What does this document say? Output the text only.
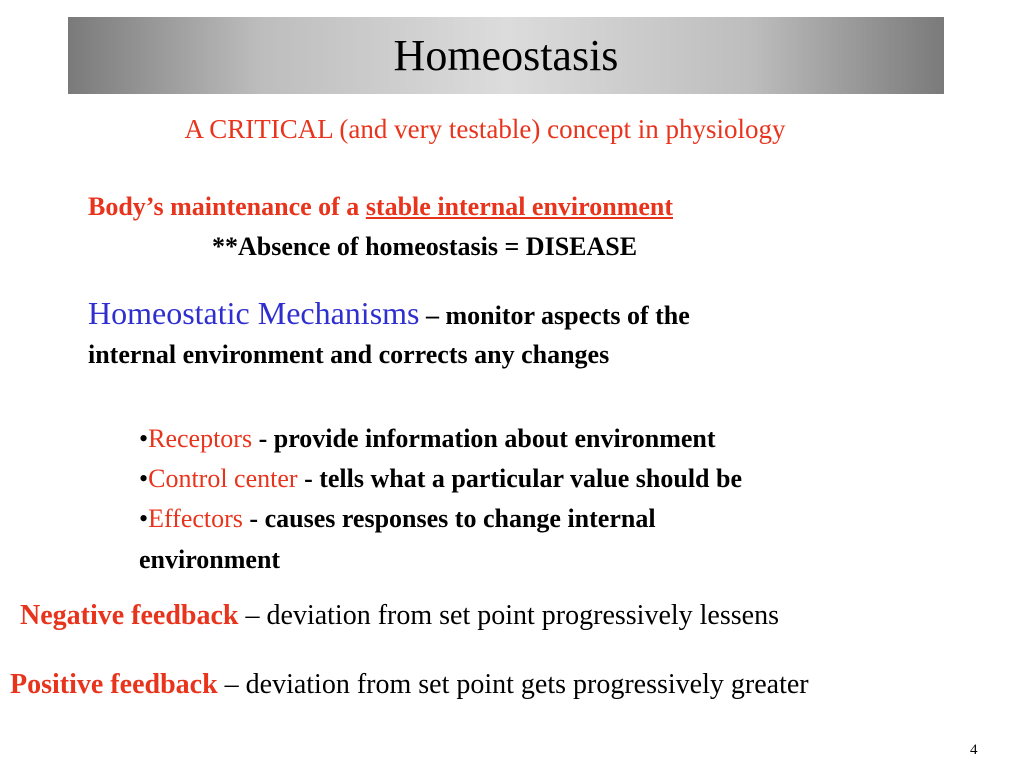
Homeostasis
A CRITICAL (and very testable) concept in physiology
Body’s maintenance of a stable internal environment
**Absence of homeostasis = DISEASE
Homeostatic Mechanisms – monitor aspects of the
internal environment and corrects any changes
•Receptors - provide information about environment
•Control center - tells what a particular value should be
•Effectors - causes responses to change internal
environment
Negative feedback – deviation from set point progressively lessens
Positive feedback – deviation from set point gets progressively greater
4
